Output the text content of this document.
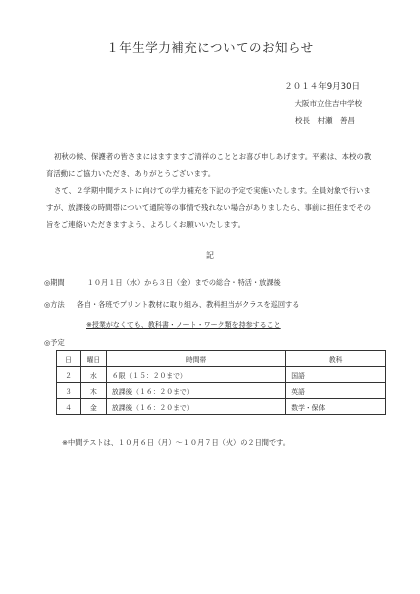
１年生学力補充についてのお知らせ
２０１４年9月30日
大阪市立住吉中学校
校長　村瀬　善昌
初秋の候、保護者の皆さまにはますますご清祥のこととお喜び申しあげます。平素は、本校の教育活動にご協力いただき、ありがとうございます。
さて、２学期中間テストに向けての学力補充を下記の予定で実施いたします。全員対象で行いますが、放課後の時間帯について通院等の事情で残れない場合がありましたら、事前に担任までその旨をご連絡いただきますよう、よろしくお願いいたします。
記
◎期間	１０月１日（水）から３日（金）までの総合・特活・放課後
◎方法 各自・各班でプリント教材に取り組み、教科担当がクラスを巡回する
※授業がなくても、教科書・ノート・ワーク類を持参すること
◎予定
日	曜日	時間帯	教科
２	水	６限（１５：２０まで）	国語
３	木	放課後（１６：２０まで）	英語
４	金	放課後（１６：２０まで）	数学・保体
※中間テストは、１０月６日（月）～１０月７日（火）の２日間です。
